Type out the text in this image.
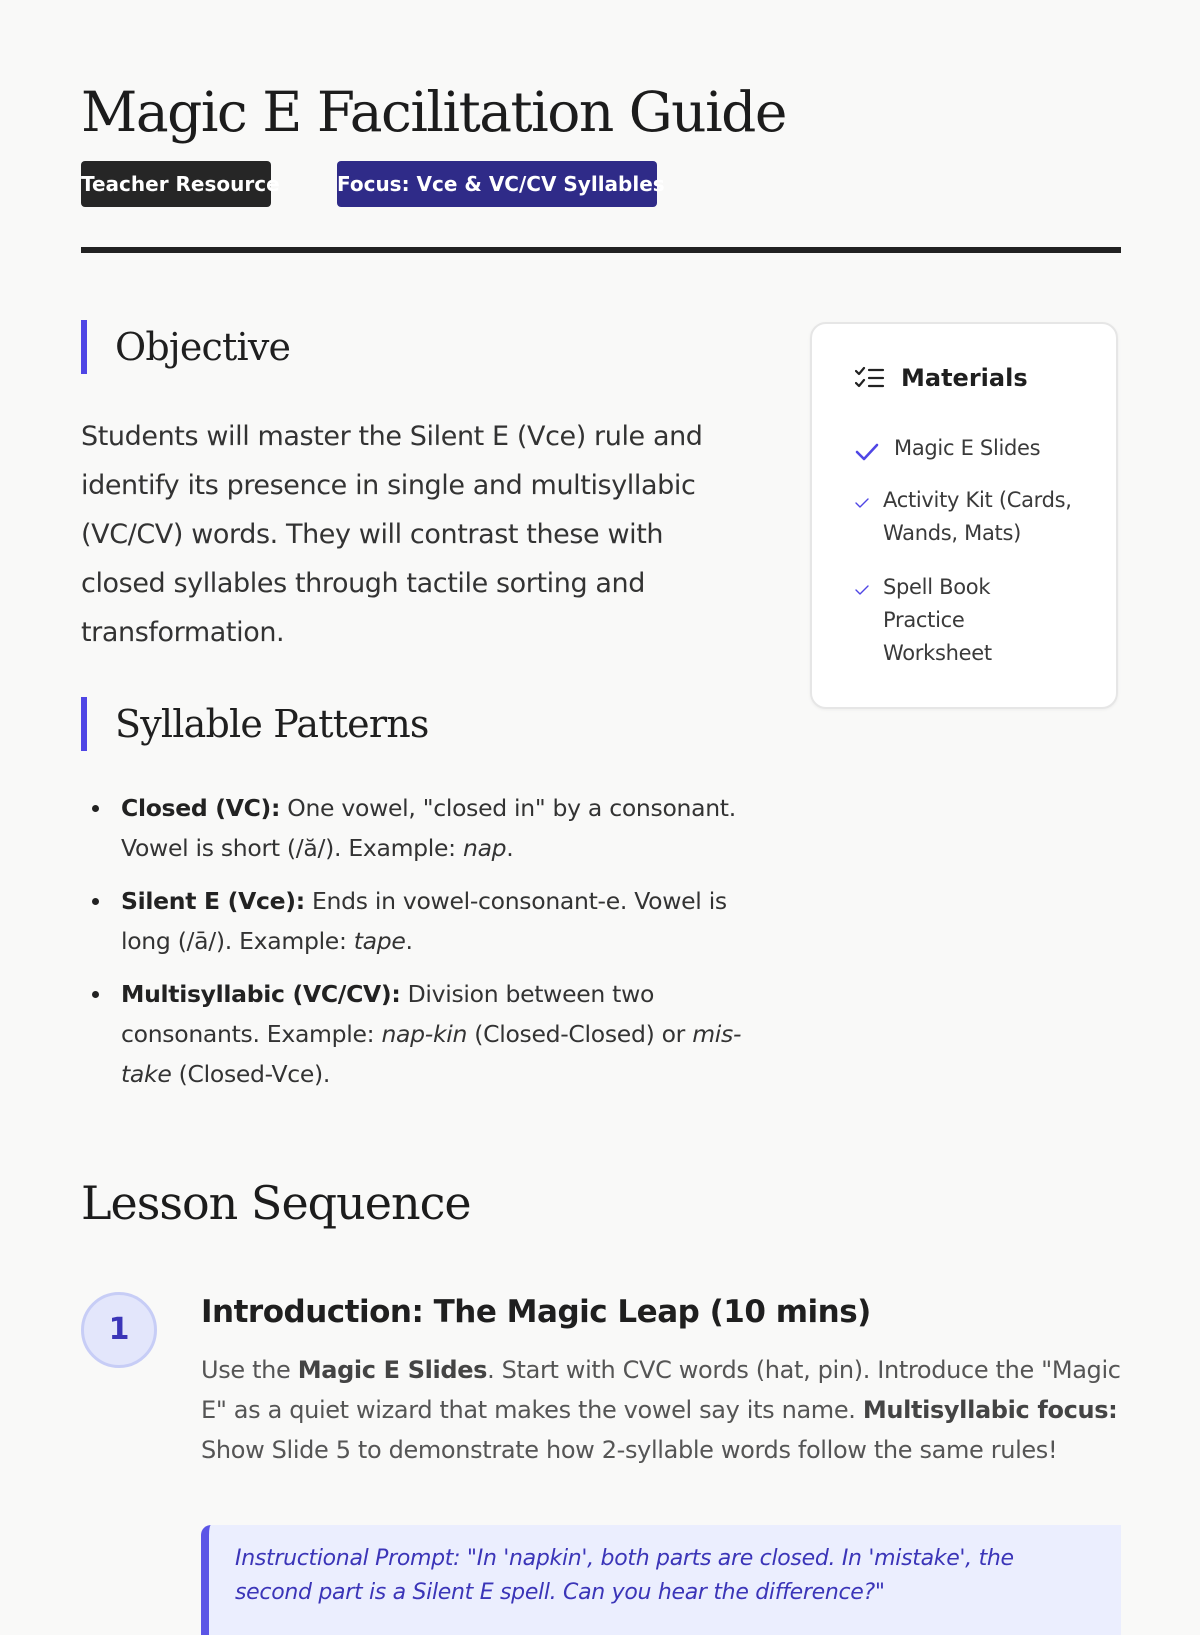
Magic E Facilitation Guide
Teacher Resource	Focus: Vce & VC/CV Syllables
Objective

Students will master the Silent E (Vce) rule and identify its presence in single and multisyllabic (VC/CV) words. They will contrast these with closed syllables through tactile sorting and transformation.

Syllable Patterns
Closed (VC): One vowel, "closed in" by a consonant. Vowel is short (/ă/). Example: nap.
Silent E (Vce): Ends in vowel-consonant-e. Vowel is long (/ā/). Example: tape.
Multisyllabic (VC/CV): Division between two consonants. Example: nap-kin (Closed-Closed) or mis-take (Closed-Vce).
Materials
Magic E Slides
Activity Kit (Cards, Wands, Mats)
Spell Book Practice Worksheet
Lesson Sequence
1	Introduction: The Magic Leap (10 mins)

Use the Magic E Slides. Start with CVC words (hat, pin). Introduce the "Magic E" as a quiet wizard that makes the vowel say its name. Multisyllabic focus: Show Slide 5 to demonstrate how 2-syllable words follow the same rules!

Instructional Prompt: "In 'napkin', both parts are closed. In 'mistake', the second part is a Silent E spell. Can you hear the difference?"
